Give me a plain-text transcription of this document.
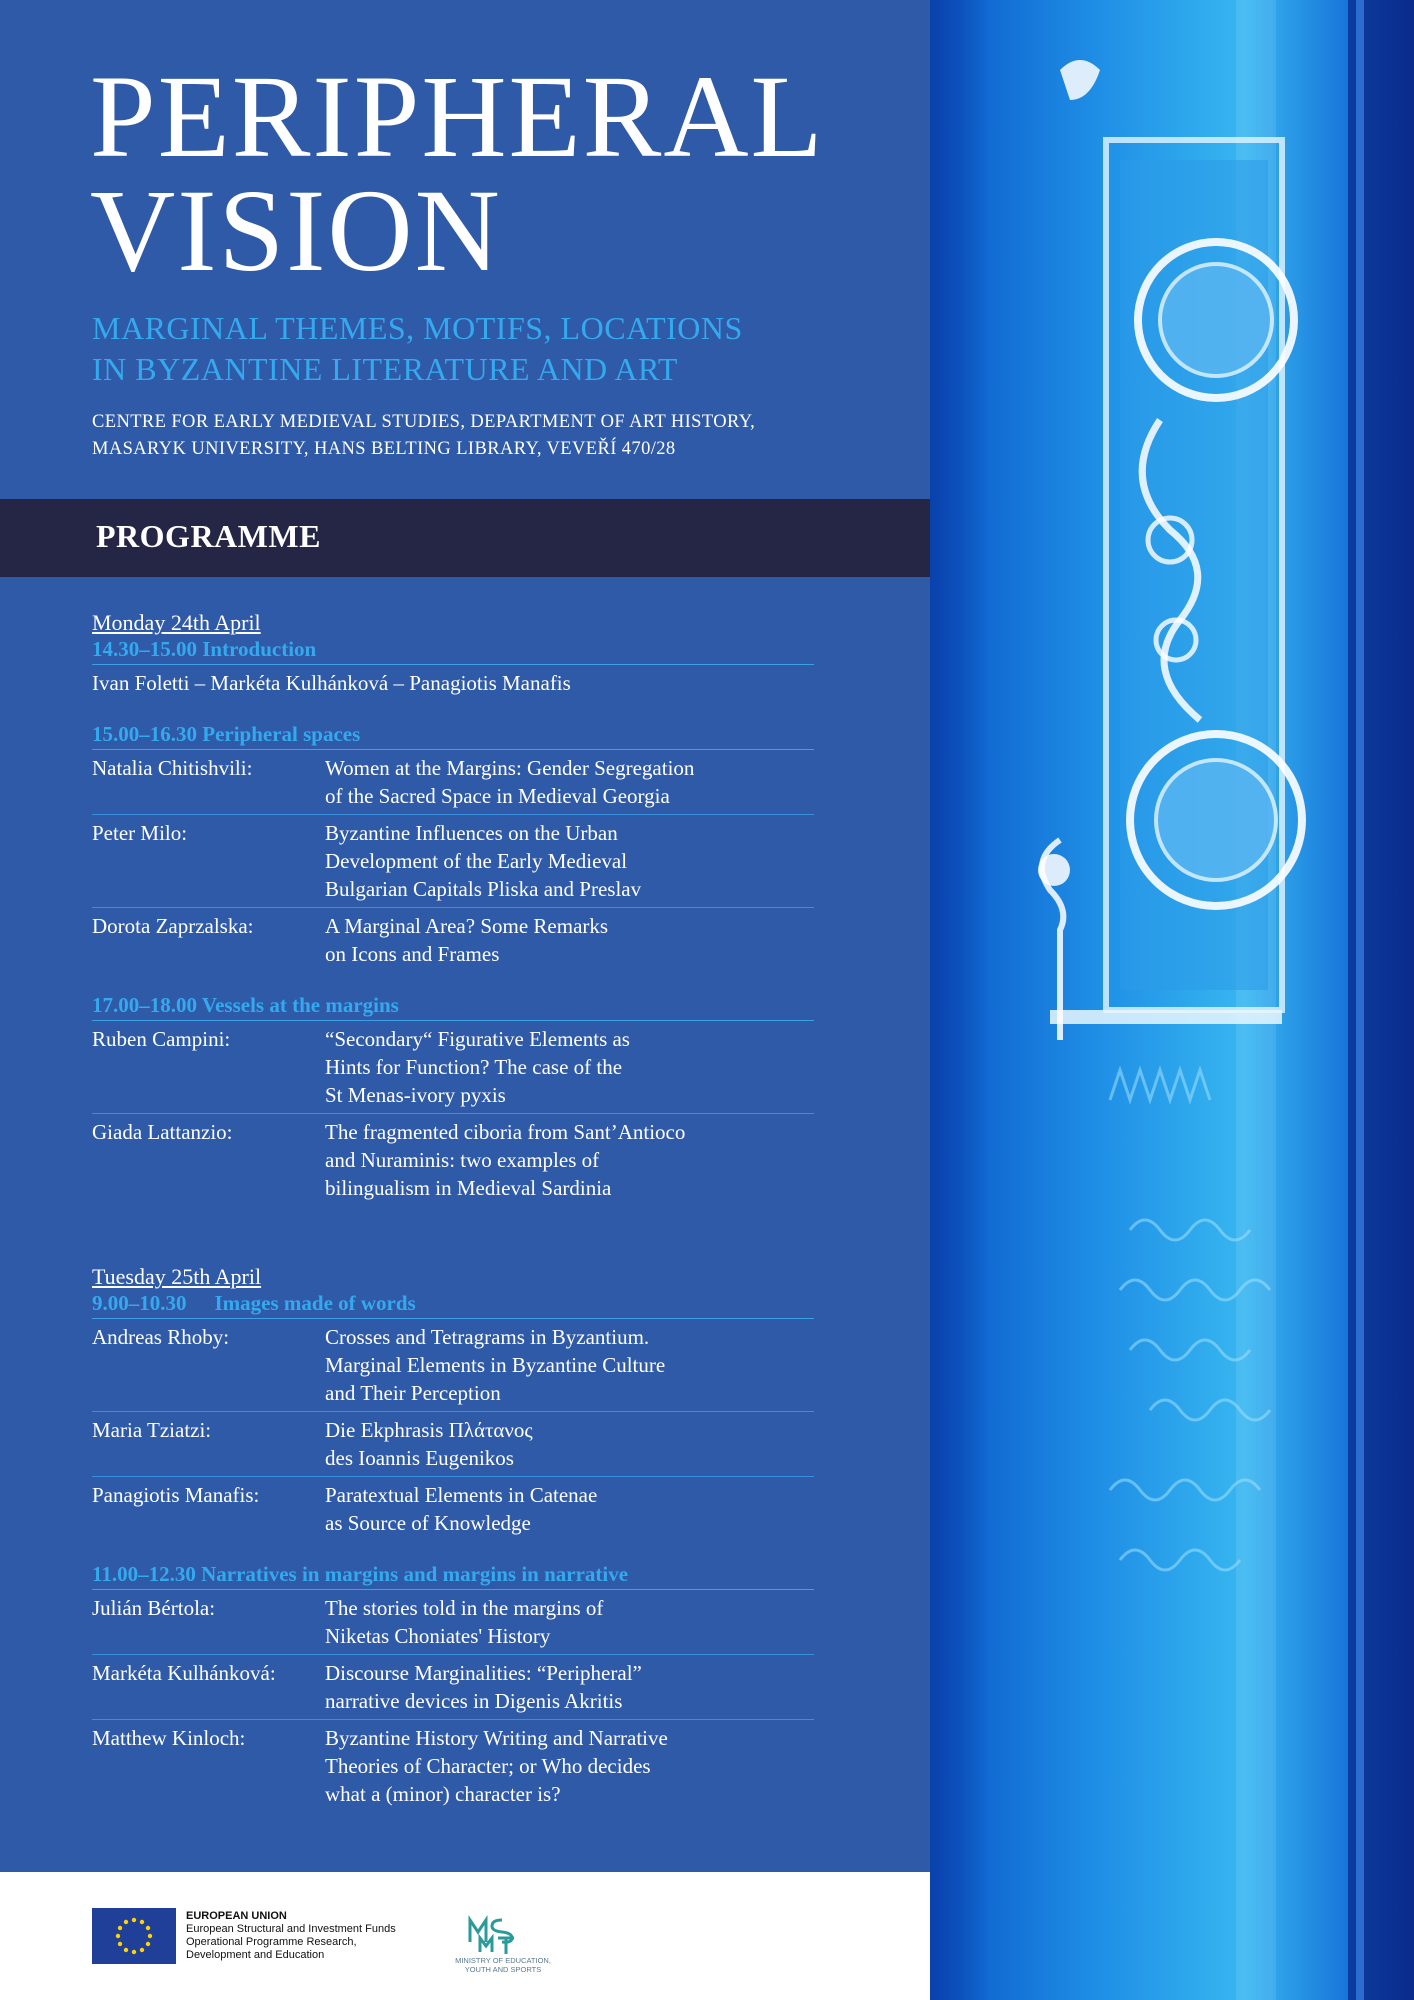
PERIPHERAL
VISION
MARGINAL THEMES, MOTIFS, LOCATIONS
IN BYZANTINE LITERATURE AND ART
CENTRE FOR EARLY MEDIEVAL STUDIES, DEPARTMENT OF ART HISTORY,
MASARYK UNIVERSITY, HANS BELTING LIBRARY, VEVEŘÍ 470/28
PROGRAMME
Monday 24th April
14.30–15.00 Introduction
Ivan Foletti – Markéta Kulhánková – Panagiotis Manafis
15.00–16.30 Peripheral spaces
Natalia Chitishvili:	Women at the Margins: Gender Segregation
of the Sacred Space in Medieval Georgia
Peter Milo:	Byzantine Influences on the Urban
Development of the Early Medieval
Bulgarian Capitals Pliska and Preslav
Dorota Zaprzalska:	A Marginal Area? Some Remarks
on Icons and Frames
17.00–18.00 Vessels at the margins
Ruben Campini:	“Secondary“ Figurative Elements as
Hints for Function? The case of the
St Menas-ivory pyxis
Giada Lattanzio:	The fragmented ciboria from Sant’Antioco
and Nuraminis: two examples of
bilingualism in Medieval Sardinia
Tuesday 25th April
9.00–10.30 Images made of words
Andreas Rhoby:	Crosses and Tetragrams in Byzantium.
Marginal Elements in Byzantine Culture
and Their Perception
Maria Tziatzi:	Die Ekphrasis Πλάτανος
des Ioannis Eugenikos
Panagiotis Manafis:	Paratextual Elements in Catenae
as Source of Knowledge
11.00–12.30 Narratives in margins and margins in narrative
Julián Bértola:	The stories told in the margins of
Niketas Choniates' History
Markéta Kulhánková:	Discourse Marginalities: “Peripheral”
narrative devices in Digenis Akritis
Matthew Kinloch:	Byzantine History Writing and Narrative
Theories of Character; or Who decides
what a (minor) character is?
EUROPEAN UNION
European Structural and Investment Funds
Operational Programme Research,
Development and Education	MINISTRY OF EDUCATION,
YOUTH AND SPORTS
